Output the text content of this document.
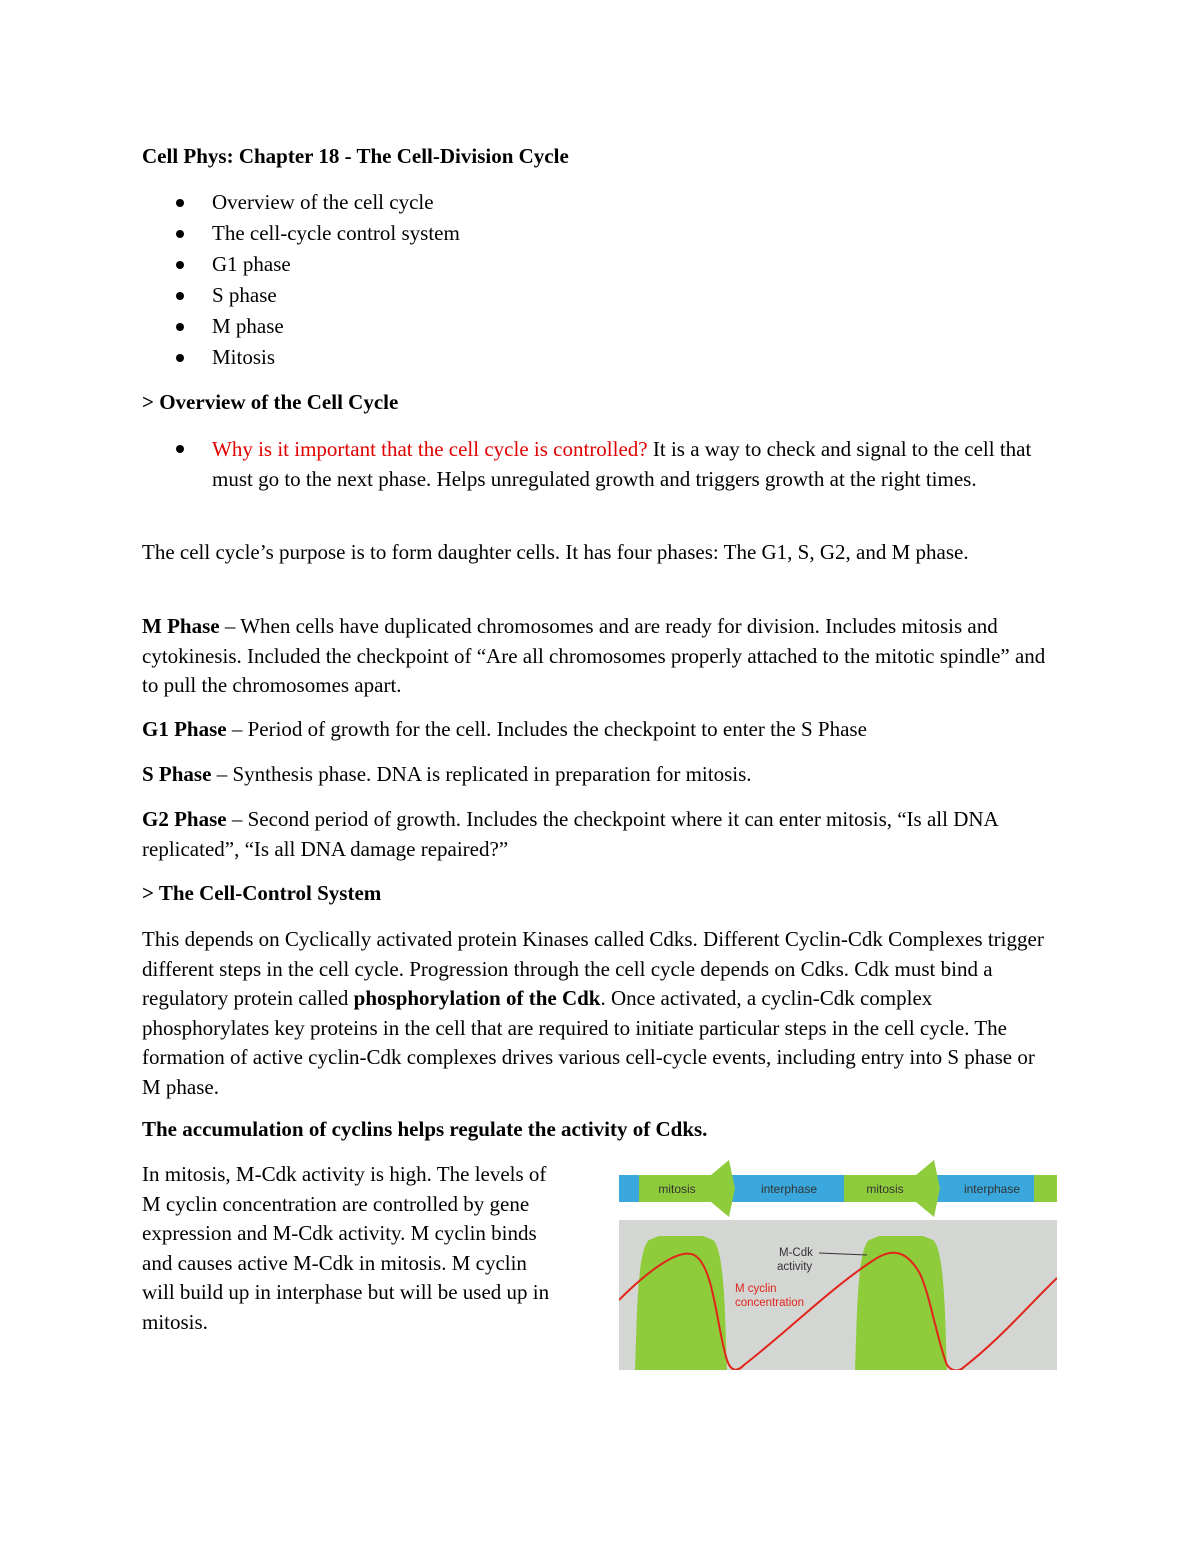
Cell Phys: Chapter 18 - The Cell-Division Cycle
Overview of the cell cycle
The cell-cycle control system
G1 phase
S phase
M phase
Mitosis
> Overview of the Cell Cycle
Why is it important that the cell cycle is controlled? It is a way to check and signal to the cell that must go to the next phase. Helps unregulated growth and triggers growth at the right times.
The cell cycle’s purpose is to form daughter cells. It has four phases: The G1, S, G2, and M phase.
M Phase – When cells have duplicated chromosomes and are ready for division. Includes mitosis and cytokinesis. Included the checkpoint of “Are all chromosomes properly attached to the mitotic spindle” and to pull the chromosomes apart.
G1 Phase – Period of growth for the cell. Includes the checkpoint to enter the S Phase
S Phase – Synthesis phase. DNA is replicated in preparation for mitosis.
G2 Phase – Second period of growth. Includes the checkpoint where it can enter mitosis, “Is all DNA replicated”, “Is all DNA damage repaired?”
> The Cell-Control System
This depends on Cyclically activated protein Kinases called Cdks. Different Cyclin-Cdk Complexes trigger different steps in the cell cycle. Progression through the cell cycle depends on Cdks. Cdk must bind a regulatory protein called phosphorylation of the Cdk. Once activated, a cyclin-Cdk complex phosphorylates key proteins in the cell that are required to initiate particular steps in the cell cycle. The formation of active cyclin-Cdk complexes drives various cell-cycle events, including entry into S phase or M phase.
The accumulation of cyclins helps regulate the activity of Cdks.
In mitosis, M-Cdk activity is high. The levels of
M cyclin concentration are controlled by gene
expression and M-Cdk activity. M cyclin binds
and causes active M-Cdk in mitosis. M cyclin
will build up in interphase but will be used up in
mitosis.
mitosis	interphase	mitosis	interphase
M-Cdk
activity
M cyclin
concentration
